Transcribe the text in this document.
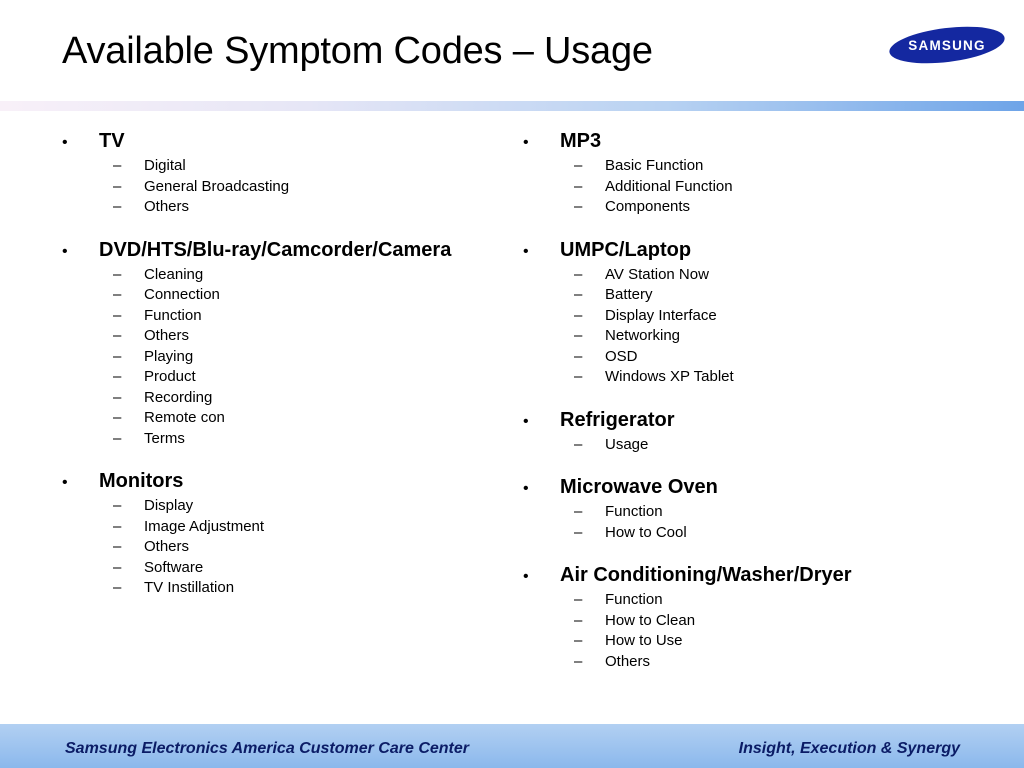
Available Symptom Codes – Usage	SAMSUNG
•	TV
–	Digital
–	General Broadcasting
–	Others
•	DVD/HTS/Blu-ray/Camcorder/Camera
–	Cleaning
–	Connection
–	Function
–	Others
–	Playing
–	Product
–	Recording
–	Remote con
–	Terms
•	Monitors
–	Display
–	Image Adjustment
–	Others
–	Software
–	TV Instillation
•	MP3
–	Basic Function
–	Additional Function
–	Components
•	UMPC/Laptop
–	AV Station Now
–	Battery
–	Display Interface
–	Networking
–	OSD
–	Windows XP Tablet
•	Refrigerator
–	Usage
•	Microwave Oven
–	Function
–	How to Cool
•	Air Conditioning/Washer/Dryer
–	Function
–	How to Clean
–	How to Use
–	Others
Samsung Electronics America Customer Care Center	Insight, Execution & Synergy
